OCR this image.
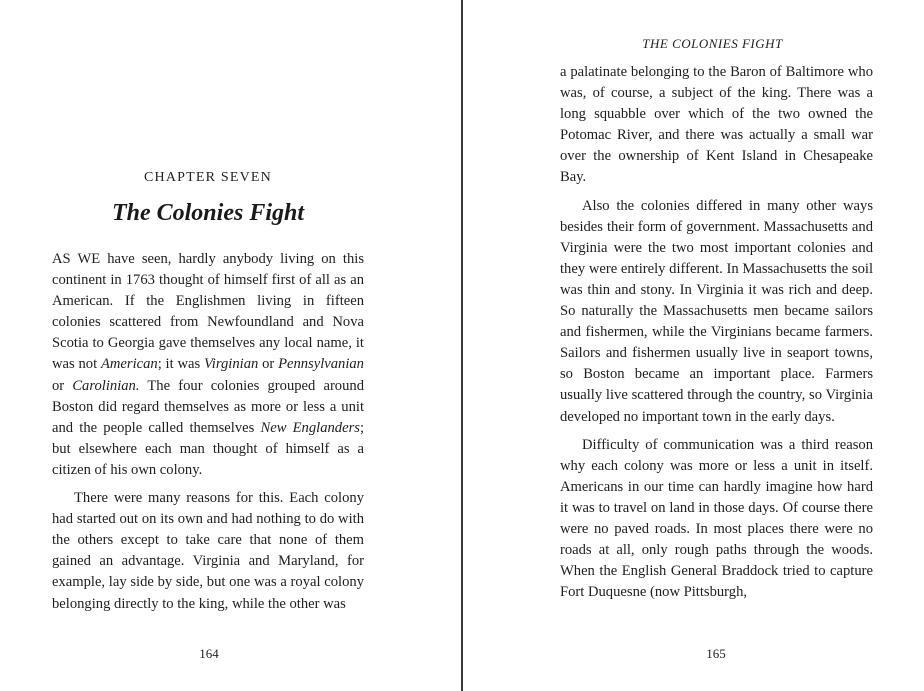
CHAPTER SEVEN
The Colonies Fight

AS WE have seen, hardly anybody living on this continent in 1763 thought of himself first of all as an American. If the Englishmen living in fifteen colonies scattered from Newfoundland and Nova Scotia to Georgia gave themselves any local name, it was not American; it was Virginian or Pennsylvanian or Carolinian. The four colonies grouped around Boston did regard themselves as more or less a unit and the people called themselves New Englanders; but elsewhere each man thought of himself as a citizen of his own colony.

There were many reasons for this. Each colony had started out on its own and had nothing to do with the others except to take care that none of them gained an advantage. Virginia and Maryland, for example, lay side by side, but one was a royal colony belonging directly to the king, while the other was

164
THE COLONIES FIGHT

a palatinate belonging to the Baron of Baltimore who was, of course, a subject of the king. There was a long squabble over which of the two owned the Potomac River, and there was actually a small war over the ownership of Kent Island in Chesapeake Bay.

Also the colonies differed in many other ways besides their form of government. Massachusetts and Virginia were the two most important colonies and they were entirely different. In Massachusetts the soil was thin and stony. In Virginia it was rich and deep. So naturally the Massachusetts men became sailors and fishermen, while the Virginians became farmers. Sailors and fishermen usually live in seaport towns, so Boston became an important place. Farmers usually live scattered through the country, so Virginia developed no important town in the early days.

Difficulty of communication was a third reason why each colony was more or less a unit in itself. Americans in our time can hardly imagine how hard it was to travel on land in those days. Of course there were no paved roads. In most places there were no roads at all, only rough paths through the woods. When the English General Braddock tried to capture Fort Duquesne (now Pittsburgh,

165
